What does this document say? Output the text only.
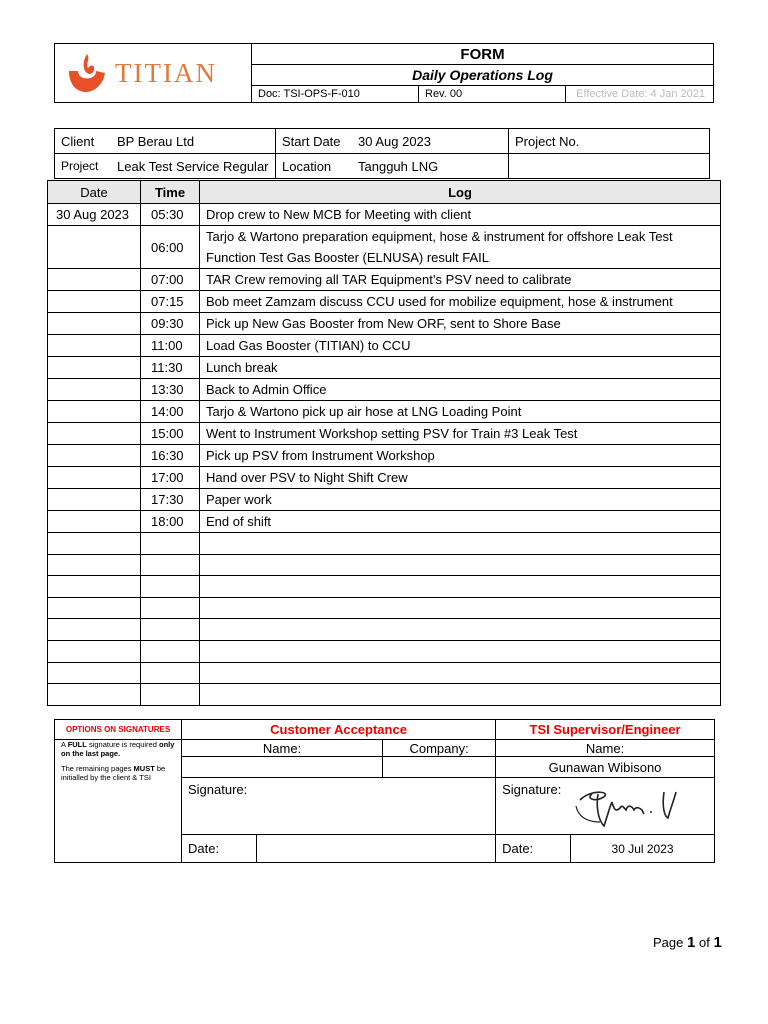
TITIAN	FORM		
	Daily Operations Log		
	Doc: TSI-OPS-F-010	Rev. 00	Effective Date: 4 Jan 2021
Client	BP Berau Ltd	Start Date	30 Aug 2023	Project No.
Project	Leak Test Service Regular	Location	Tangguh LNG	
Date	Time	Log
30 Aug 2023	05:30	Drop crew to New MCB for Meeting with client
	06:00	Tarjo & Wartono preparation equipment, hose & instrument for offshore Leak Test Function Test Gas Booster (ELNUSA) result FAIL
	07:00	TAR Crew removing all TAR Equipment’s PSV need to calibrate
	07:15	Bob meet Zamzam discuss CCU used for mobilize equipment, hose & instrument
	09:30	Pick up New Gas Booster from New ORF, sent to Shore Base
	11:00	Load Gas Booster (TITIAN) to CCU
	11:30	Lunch break
	13:30	Back to Admin Office
	14:00	Tarjo & Wartono pick up air hose at LNG Loading Point
	15:00	Went to Instrument Workshop setting PSV for Train #3 Leak Test
	16:30	Pick up PSV from Instrument Workshop
	17:00	Hand over PSV to Night Shift Crew
	17:30	Paper work
	18:00	End of shift

OPTIONS ON SIGNATURES	Customer Acceptance			TSI Supervisor/Engineer	

A FULL signature is required only on the last page.
The remaining pages MUST be initialled by the client & TSI	Name:		Company:	Name:	
				Gunawan Wibisono	
	Signature:			Signature:	

	Date:			Date:	30 Jul 2023
Page 1 of 1
